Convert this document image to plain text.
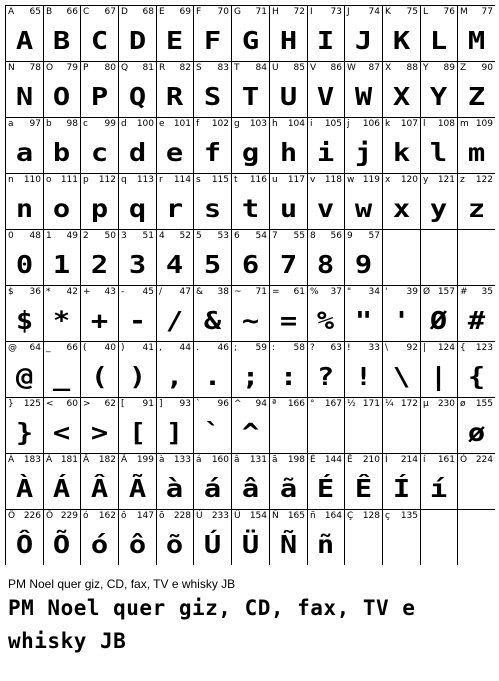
A 65
A
B 66
B
C 67
C
D 68
D
E 69
E
F 70
F
G 71
G
H 72
H
I 73
I
J 74
J
K 75
K
L 76
L
M 77
M
N 78
N
O 79
O
P 80
P
Q 81
Q
R 82
R
S 83
S
T 84
T
U 85
U
V 86
V
W 87
W
X 88
X
Y 89
Y
Z 90
Z
a 97
a
b 98
b
c 99
c
d 100
d
e 101
e
f 102
f
g 103
g
h 104
h
i 105
i
j 106
j
k 107
k
l 108
l
m 109
m
n 110
n
o 111
o
p 112
p
q 113
q
r 114
r
s 115
s
t 116
t
u 117
u
v 118
v
w 119
w
x 120
x
y 121
y
z 122
z
0 48
0
1 49
1
2 50
2
3 51
3
4 52
4
5 53
5
6 54
6
7 55
7
8 56
8
9 57
9
$ 36
$
* 42
*
+ 43
+
- 45
-
/ 47
/
& 38
&
~ 71
~
= 61
=
% 37
%
" 34
"
' 39
'
Ø 157
Ø
# 35
#
@ 64
@
_ 66
_
( 40
(
) 41
)
, 44
,
. 46
.
; 59
;
: 58
:
? 63
?
! 33
!
\ 92
\
| 124
|
{ 123
{
} 125
}
< 60
<
> 62
>
[ 91
[
] 93
]
` 96
`
^ 94
^
ª 166 ° 167 ½ 171 ¼ 172 µ 230 ø 155
ø
À 183
À
Á 181
Á
Â 182
Â
Ã 199
Ã
à 133
à
á 160
á
â 131
â
ã 198
ã
É 144
É
Ê 210
Ê
Í 214
Í
í 161
í
Ó 224
Ô 226
Ô
Õ 229
Õ
ó 162
ó
ô 147
ô
õ 228
õ
Ú 233
Ú
Ü 154
Ü
Ñ 165
Ñ
ñ 164
ñ
Ç 128 ç 135
PM Noel quer giz, CD, fax, TV e whisky JB
PM Noel quer giz, CD, fax, TV e whisky JB
